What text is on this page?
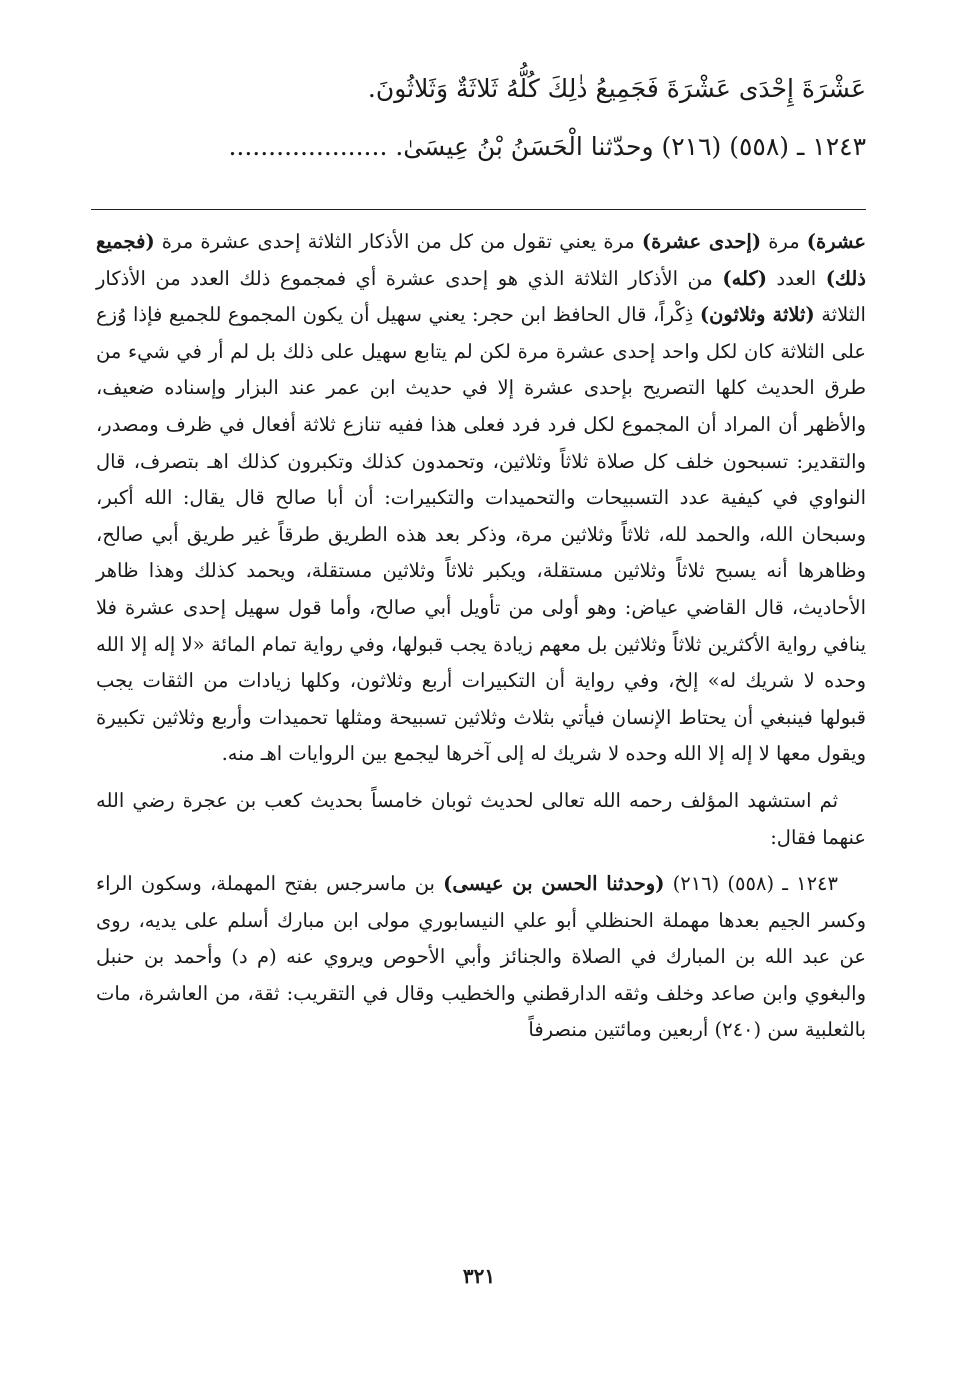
عَشْرَةَ إِحْدَى عَشْرَةَ فَجَمِيعُ ذٰلِكَ كُلُّهُ ثَلاثَةٌ وَثَلاثُونَ.
١٢٤٣ ـ (٥٥٨) (٢١٦) وحدّثنا الْحَسَنُ بْنُ عِيسَىٰ. ....................

عشرة) مرة (إحدى عشرة) مرة يعني تقول من كل من الأذكار الثلاثة إحدى عشرة مرة (فجميع ذلك) العدد (كله) من الأذكار الثلاثة الذي هو إحدى عشرة أي فمجموع ذلك العدد من الأذكار الثلاثة (ثلاثة وثلاثون) ذِكْراً، قال الحافظ ابن حجر: يعني سهيل أن يكون المجموع للجميع فإذا وُزع على الثلاثة كان لكل واحد إحدى عشرة مرة لكن لم يتابع سهيل على ذلك بل لم أر في شيء من طرق الحديث كلها التصريح بإحدى عشرة إلا في حديث ابن عمر عند البزار وإسناده ضعيف، والأظهر أن المراد أن المجموع لكل فرد فرد فعلى هذا ففيه تنازع ثلاثة أفعال في ظرف ومصدر، والتقدير: تسبحون خلف كل صلاة ثلاثاً وثلاثين، وتحمدون كذلك وتكبرون كذلك اهـ بتصرف، قال النواوي في كيفية عدد التسبيحات والتحميدات والتكبيرات: أن أبا صالح قال يقال: الله أكبر، وسبحان الله، والحمد لله، ثلاثاً وثلاثين مرة، وذكر بعد هذه الطريق طرقاً غير طريق أبي صالح، وظاهرها أنه يسبح ثلاثاً وثلاثين مستقلة، ويكبر ثلاثاً وثلاثين مستقلة، ويحمد كذلك وهذا ظاهر الأحاديث، قال القاضي عياض: وهو أولى من تأويل أبي صالح، وأما قول سهيل إحدى عشرة فلا ينافي رواية الأكثرين ثلاثاً وثلاثين بل معهم زيادة يجب قبولها، وفي رواية تمام المائة «لا إله إلا الله وحده لا شريك له» إلخ، وفي رواية أن التكبيرات أربع وثلاثون، وكلها زيادات من الثقات يجب قبولها فينبغي أن يحتاط الإنسان فيأتي بثلاث وثلاثين تسبيحة ومثلها تحميدات وأربع وثلاثين تكبيرة ويقول معها لا إله إلا الله وحده لا شريك له إلى آخرها ليجمع بين الروايات اهـ منه.

ثم استشهد المؤلف رحمه الله تعالى لحديث ثوبان خامساً بحديث كعب بن عجرة رضي الله عنهما فقال:

١٢٤٣ ـ (٥٥٨) (٢١٦) (وحدثنا الحسن بن عيسى) بن ماسرجس بفتح المهملة، وسكون الراء وكسر الجيم بعدها مهملة الحنظلي أبو علي النيسابوري مولى ابن مبارك أسلم على يديه، روى عن عبد الله بن المبارك في الصلاة والجنائز وأبي الأحوص ويروي عنه (م د) وأحمد بن حنبل والبغوي وابن صاعد وخلف وثقه الدارقطني والخطيب وقال في التقريب: ثقة، من العاشرة، مات بالثعلبية سن (٢٤٠) أربعين ومائتين منصرفاً

٣٢١
